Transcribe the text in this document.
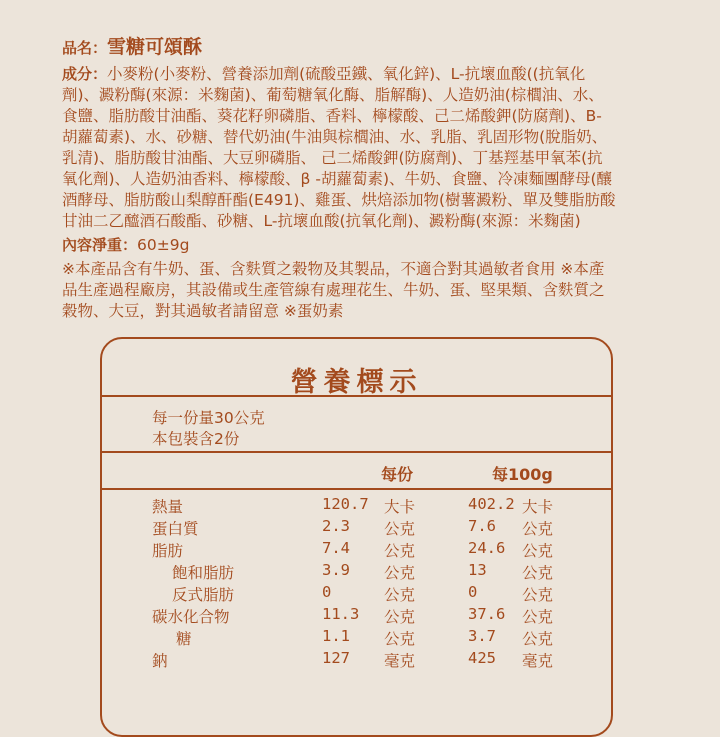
品名：雪糖可頌酥
成分：小麥粉(小麥粉、營養添加劑(硫酸亞鐵、氧化鋅)、L-抗壞血酸((抗氧化
劑)、澱粉酶(來源：米麴菌)、葡萄糖氧化酶、脂解酶)、人造奶油(棕櫚油、水、
食鹽、脂肪酸甘油酯、葵花籽卵磷脂、香料、檸檬酸、己二烯酸鉀(防腐劑)、B-
胡蘿蔔素)、水、砂糖、替代奶油(牛油與棕櫚油、水、乳脂、乳固形物(脫脂奶、
乳清)、脂肪酸甘油酯、大豆卵磷脂、 己二烯酸鉀(防腐劑)、丁基羥基甲氧苯(抗
氧化劑)、人造奶油香料、檸檬酸、β -胡蘿蔔素)、牛奶、食鹽、冷凍麵團酵母(釀
酒酵母、脂肪酸山梨醇酐酯(E491)、雞蛋、烘焙添加物(樹薯澱粉、單及雙脂肪酸
甘油二乙醯酒石酸酯、砂糖、L-抗壞血酸(抗氧化劑)、澱粉酶(來源：米麴菌)
內容淨重：60±9g
※本產品含有牛奶、蛋、含麩質之穀物及其製品，不適合對其過敏者食用 ※本產
品生產過程廠房，其設備或生產管線有處理花生、牛奶、蛋、堅果類、含麩質之
穀物、大豆，對其過敏者請留意 ※蛋奶素
營養標示
每一份量30公克
本包裝含2份
每份	每100g
熱量	120.7 大卡	402.2 大卡
蛋白質	2.3 公克	7.6 公克
脂肪	7.4 公克	24.6 公克
飽和脂肪	3.9 公克	13 公克
反式脂肪	0	公克	0	公克
碳水化合物	11.3 公克	37.6 公克
糖	1.1 公克	3.7 公克
鈉	127 毫克	425 毫克
